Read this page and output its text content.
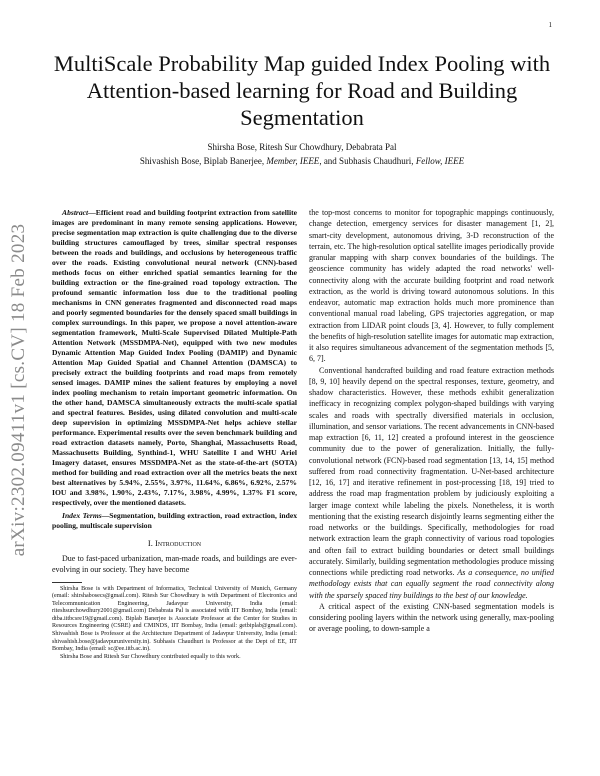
1
arXiv:2302.09411v1 [cs.CV] 18 Feb 2023
MultiScale Probability Map guided Index Pooling with Attention-based learning for Road and Building Segmentation
Shirsha Bose, Ritesh Sur Chowdhury, Debabrata Pal
Shivashish Bose, Biplab Banerjee, Member, IEEE, and Subhasis Chaudhuri, Fellow, IEEE
Abstract—Efficient road and building footprint extraction from satellite images are predominant in many remote sensing applications. However, precise segmentation map extraction is quite challenging due to the diverse building structures camouflaged by trees, similar spectral responses between the roads and buildings, and occlusions by heterogeneous traffic over the roads. Existing convolutional neural network (CNN)-based methods focus on either enriched spatial semantics learning for the building extraction or the fine-grained road topology extraction. The profound semantic information loss due to the traditional pooling mechanisms in CNN generates fragmented and disconnected road maps and poorly segmented boundaries for the densely spaced small buildings in complex surroundings. In this paper, we propose a novel attention-aware segmentation framework, Multi-Scale Supervised Dilated Multiple-Path Attention Network (MSSDMPA-Net), equipped with two new modules Dynamic Attention Map Guided Index Pooling (DAMIP) and Dynamic Attention Map Guided Spatial and Channel Attention (DAMSCA) to precisely extract the building footprints and road maps from remotely sensed images. DAMIP mines the salient features by employing a novel index pooling mechanism to retain important geometric information. On the other hand, DAMSCA simultaneously extracts the multi-scale spatial and spectral features. Besides, using dilated convolution and multi-scale deep supervision in optimizing MSSDMPA-Net helps achieve stellar performance. Experimental results over the seven benchmark building and road extraction datasets namely, Porto, Shanghai, Massachusetts Road, Massachusetts Building, Synthind-1, WHU Satellite I and WHU Ariel Imagery dataset, ensures MSSDMPA-Net as the state-of-the-art (SOTA) method for building and road extraction over all the metrics beats the next best alternatives by 5.94%, 2.55%, 3.97%, 11.64%, 6.86%, 6.92%, 2.57% IOU and 3.98%, 1.90%, 2.43%, 7.17%, 3.98%, 4.99%, 1.37% F1 score, respectively, over the mentioned datasets.
Index Terms—Segmentation, building extraction, road extraction, index pooling, multiscale supervision
I. Introduction

Due to fast-paced urbanization, man-made roads, and buildings are ever-evolving in our society. They have become

Shirsha Bose is with Department of Informatics, Technical University of Munich, Germany (email: shirshabosecs@gmail.com). Ritesh Sur Chowdhury is with Department of Electronics and Telecommunication Engineering, Jadavpur University, India (email: riteshsurchowdhury2001@gmail.com) Debabrata Pal is associated with IIT Bombay, India (email: dtba.iitbcsre19@gmail.com). Biplab Banerjee is Associate Professor at the Center for Studies in Resources Engineering (CSRE) and CMINDS, IIT Bombay, India (email: getbiplab@gmail.com). Shivashish Bose is Professor at the Architecture Department of Jadavpur University, India (email: shivashish.bose@jadavpuruniversity.in). Subhasis Chaudhuri is Professor at the Dept of EE, IIT Bombay, India (email: sc@ee.iitb.ac.in).

Shirsha Bose and Ritesh Sur Chowdhury contributed equally to this work.

the top-most concerns to monitor for topographic mappings continuously, change detection, emergency services for disaster management [1, 2], smart-city development, autonomous driving, 3-D reconstruction of the terrain, etc. The high-resolution optical satellite images periodically provide granular mapping with sharp convex boundaries of the buildings. The geoscience community has widely adapted the road networks' well-connectivity along with the accurate building footprint and road network extraction, as the world is driving toward autonomous solutions. In this endeavor, automatic map extraction holds much more prominence than conventional manual road labeling, GPS trajectories aggregation, or map extraction from LIDAR point clouds [3, 4]. However, to fully complement the benefits of high-resolution satellite images for automatic map extraction, it also requires simultaneous advancement of the segmentation methods [5, 6, 7].

Conventional handcrafted building and road feature extraction methods [8, 9, 10] heavily depend on the spectral responses, texture, geometry, and shadow characteristics. However, these methods exhibit generalization inefficacy in recognizing complex polygon-shaped buildings with varying scales and roads with spectrally diversified materials in occlusion, illumination, and sensor variations. The recent advancements in CNN-based map extraction [6, 11, 12] created a profound interest in the geoscience community due to the power of generalization. Initially, the fully-convolutional network (FCN)-based road segmentation [13, 14, 15] method suffered from road connectivity fragmentation. U-Net-based architecture [12, 16, 17] and iterative refinement in post-processing [18, 19] tried to address the road map fragmentation problem by judiciously exploiting a larger image context while labeling the pixels. Nonetheless, it is worth mentioning that the existing research disjointly learns segmenting either the road networks or the buildings. Specifically, methodologies for road network extraction learn the graph connectivity of various road topologies and often fail to extract building boundaries or detect small buildings accurately. Similarly, building segmentation methodologies produce missing connections while predicting road networks. As a consequence, no unified methodology exists that can equally segment the road connectivity along with the sparsely spaced tiny buildings to the best of our knowledge.

A critical aspect of the existing CNN-based segmentation models is considering pooling layers within the network using generally, max-pooling or average pooling, to down-sample a
